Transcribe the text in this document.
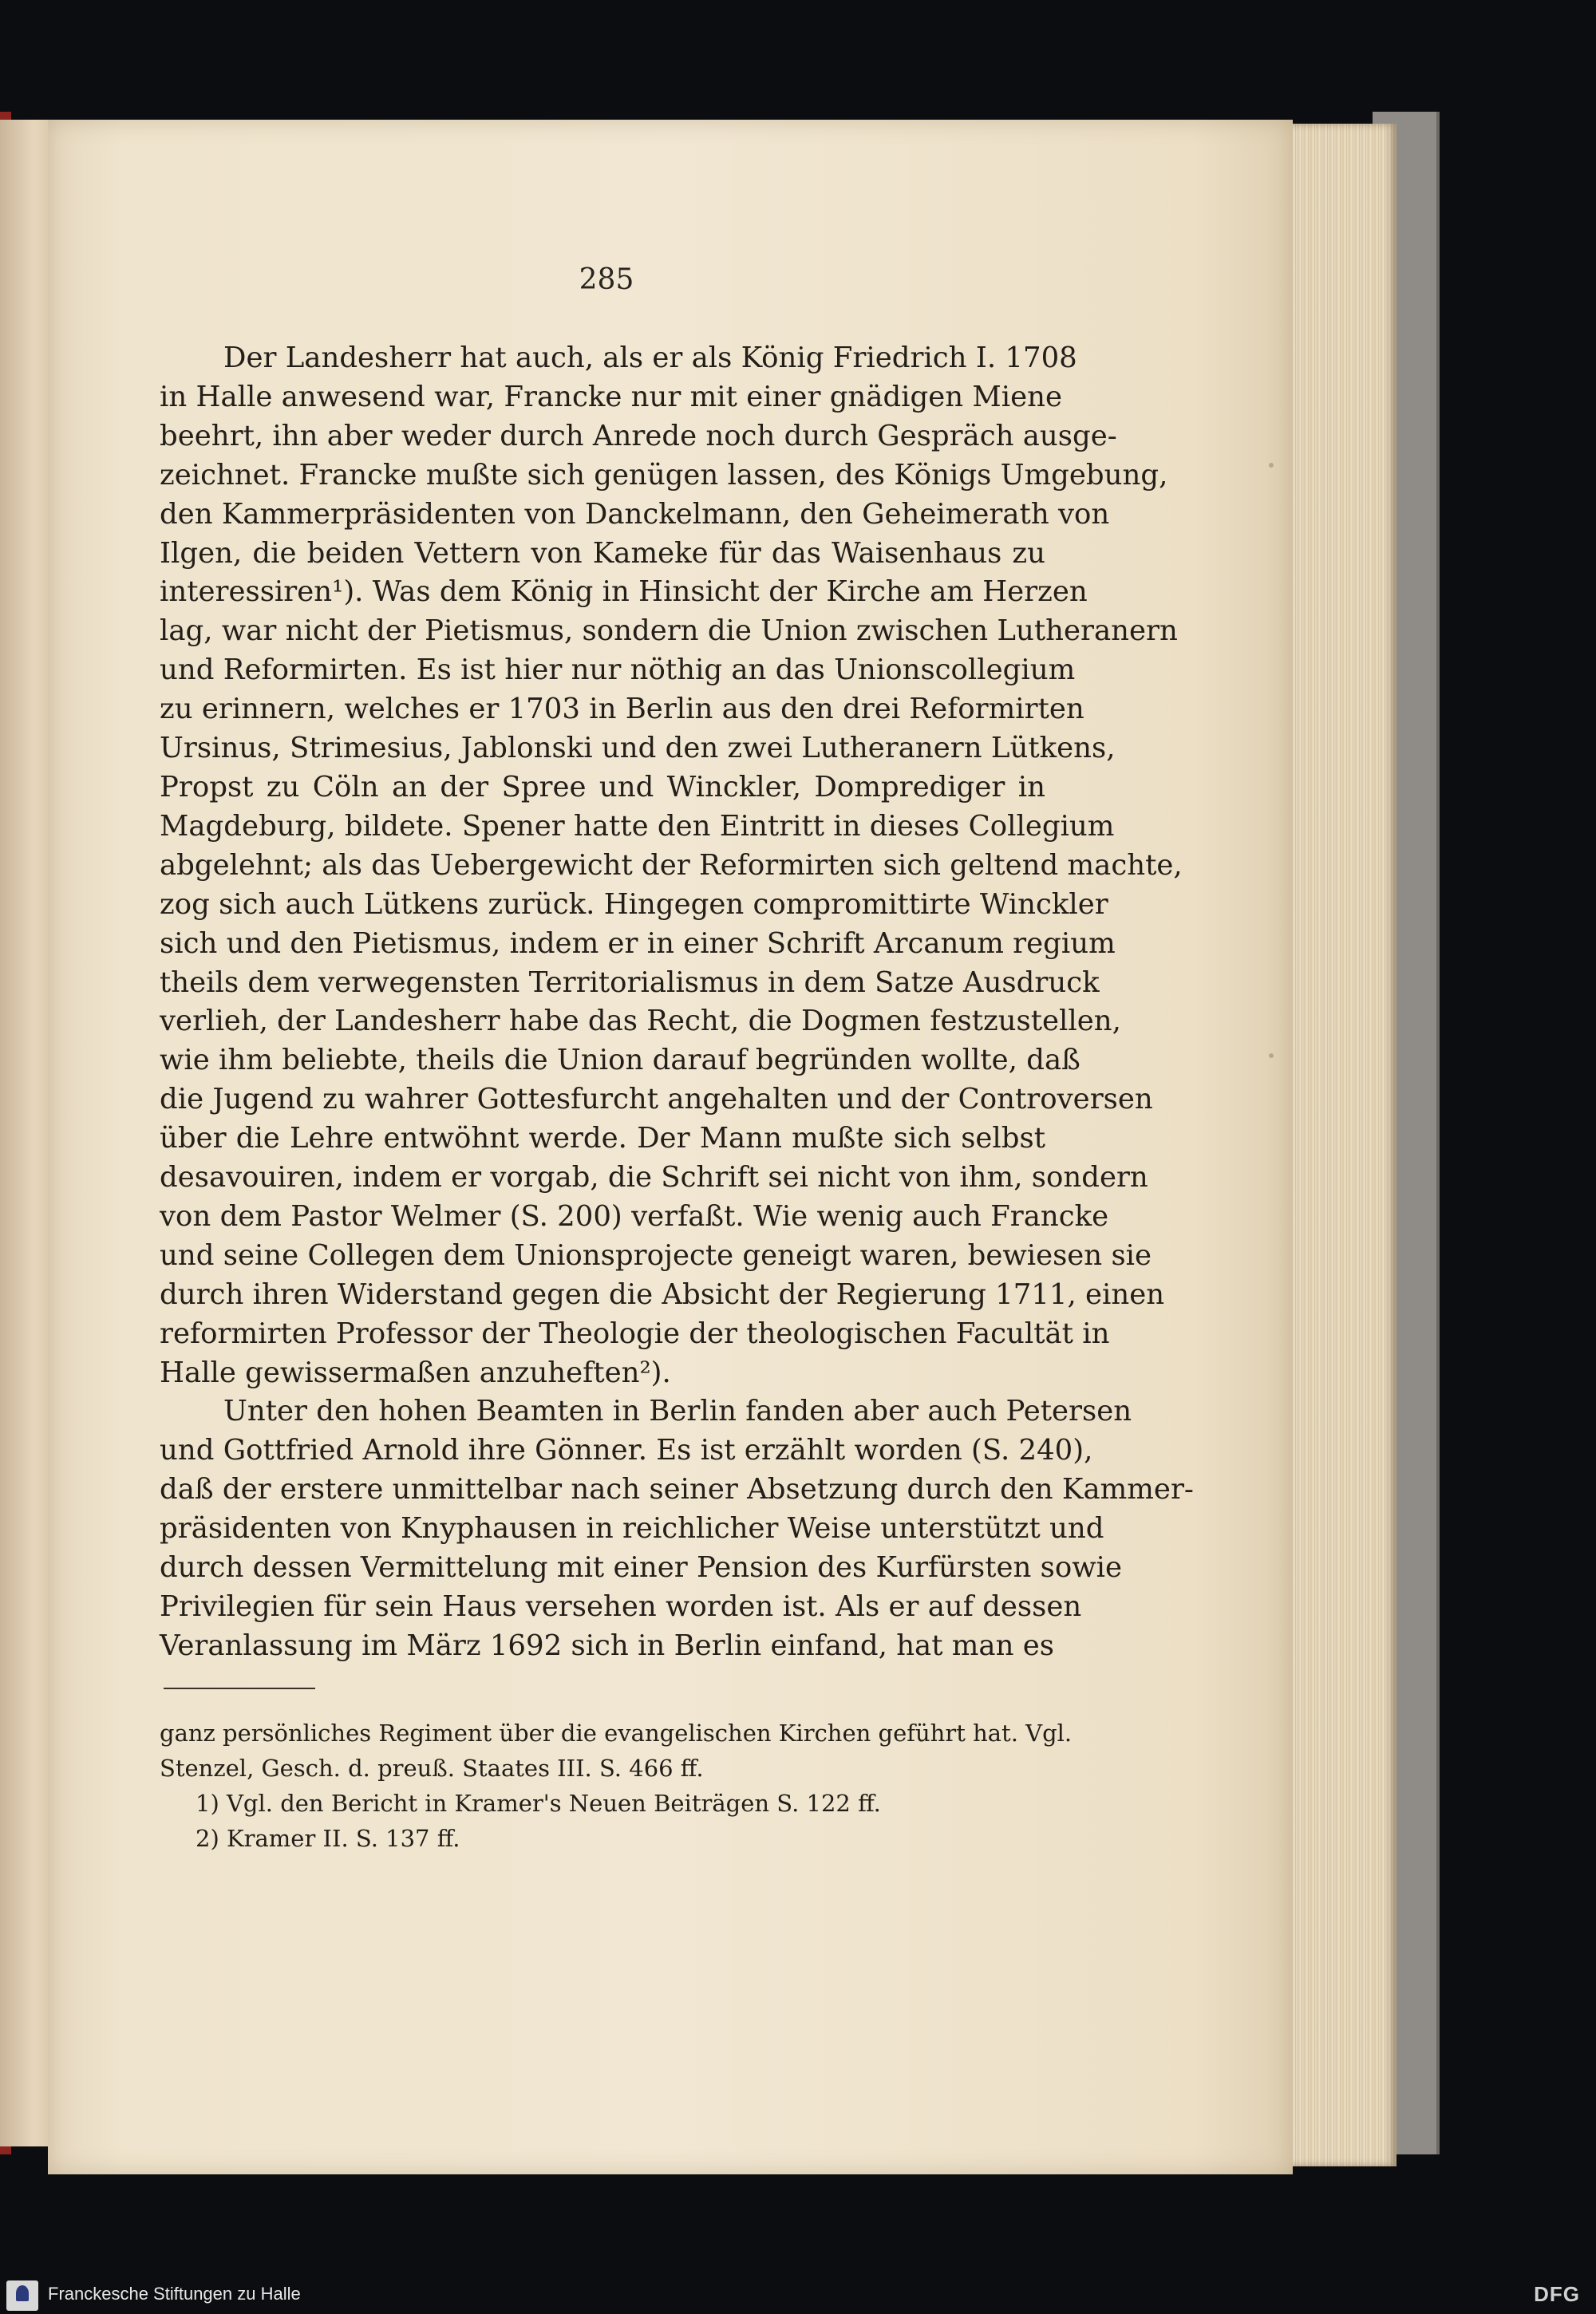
285

Der Landesherr hat auch, als er als König Friedrich I. 1708
in Halle anwesend war, Francke nur mit einer gnädigen Miene
beehrt, ihn aber weder durch Anrede noch durch Gespräch ausge-
zeichnet. Francke mußte sich genügen lassen, des Königs Umgebung,
den Kammerpräsidenten von Danckelmann, den Geheimerath von
Ilgen, die beiden Vettern von Kameke für das Waisenhaus zu
interessiren¹). Was dem König in Hinsicht der Kirche am Herzen
lag, war nicht der Pietismus, sondern die Union zwischen Lutheranern
und Reformirten. Es ist hier nur nöthig an das Unionscollegium
zu erinnern, welches er 1703 in Berlin aus den drei Reformirten
Ursinus, Strimesius, Jablonski und den zwei Lutheranern Lütkens,
Propst zu Cöln an der Spree und Winckler, Domprediger in
Magdeburg, bildete. Spener hatte den Eintritt in dieses Collegium
abgelehnt; als das Uebergewicht der Reformirten sich geltend machte,
zog sich auch Lütkens zurück. Hingegen compromittirte Winckler
sich und den Pietismus, indem er in einer Schrift Arcanum regium
theils dem verwegensten Territorialismus in dem Satze Ausdruck
verlieh, der Landesherr habe das Recht, die Dogmen festzustellen,
wie ihm beliebte, theils die Union darauf begründen wollte, daß
die Jugend zu wahrer Gottesfurcht angehalten und der Controversen
über die Lehre entwöhnt werde. Der Mann mußte sich selbst
desavouiren, indem er vorgab, die Schrift sei nicht von ihm, sondern
von dem Pastor Welmer (S. 200) verfaßt. Wie wenig auch Francke
und seine Collegen dem Unionsprojecte geneigt waren, bewiesen sie
durch ihren Widerstand gegen die Absicht der Regierung 1711, einen
reformirten Professor der Theologie der theologischen Facultät in
Halle gewissermaßen anzuheften²).

Unter den hohen Beamten in Berlin fanden aber auch Petersen
und Gottfried Arnold ihre Gönner. Es ist erzählt worden (S. 240),
daß der erstere unmittelbar nach seiner Absetzung durch den Kammer-
präsidenten von Knyphausen in reichlicher Weise unterstützt und
durch dessen Vermittelung mit einer Pension des Kurfürsten sowie
Privilegien für sein Haus versehen worden ist. Als er auf dessen
Veranlassung im März 1692 sich in Berlin einfand, hat man es

ganz persönliches Regiment über die evangelischen Kirchen geführt hat. Vgl.
Stenzel, Gesch. d. preuß. Staates III. S. 466 ff.
1) Vgl. den Bericht in Kramer's Neuen Beiträgen S. 122 ff.
2) Kramer II. S. 137 ff.
Franckesche Stiftungen zu Halle	DFG
